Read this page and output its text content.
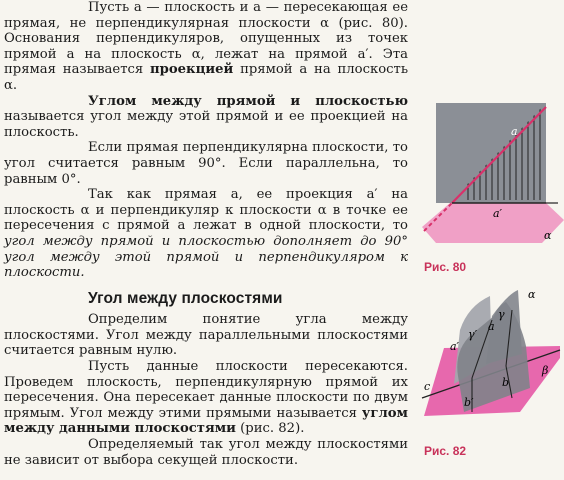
Пусть a — плоскость и a — пересекающая ее прямая, не перпендикулярная плоскости α (рис. 80). Основания перпендикуляров, опущенных из точек прямой a на плоскость α, лежат на прямой a′. Эта прямая называется проекцией прямой a на плоскость α.

Углом между прямой и плоскостью называется угол между этой прямой и ее проекцией на плоскость.

Если прямая перпендикулярна плоскости, то угол считается равным 90°. Если параллельна, то равным 0°.

Так как прямая a, ее проекция a′ на плоскость α и перпендикуляр к плоскости α в точке ее пересечения с прямой a лежат в одной плоскости, то угол между прямой и плоскостью дополняет до 90° угол между этой прямой и перпендикуляром к плоскости.

Угол между плоскостями

Определим понятие угла между плоскостями. Угол между параллельными плоскостями считается равным нулю.

Пусть данные плоскости пересекаются. Проведем плоскость, перпендикулярную прямой их пересечения. Она пересекает данные плоскости по двум прямым. Угол между этими прямыми называется углом между данными плоскостями (рис. 82).

Определяемый так угол между плоскостями не зависит от выбора секущей плоскости.

a
a′
α
Рис. 80
α
γ
a′
γ′
a
b
b′
c
β
Рис. 82
